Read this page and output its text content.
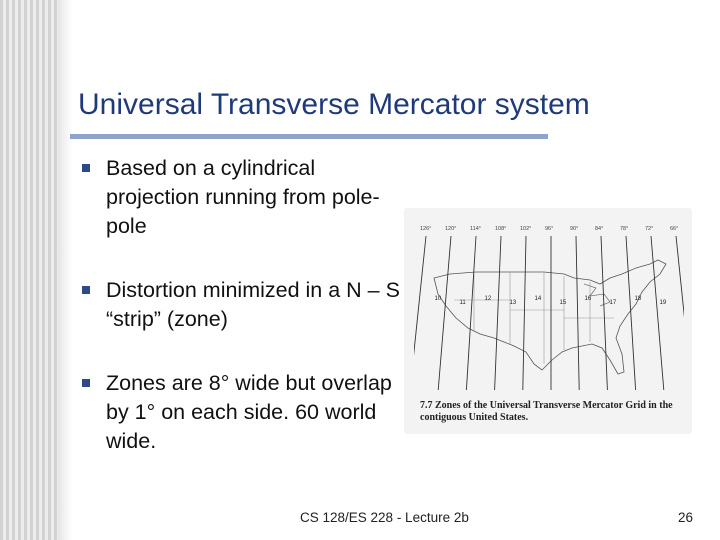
Universal Transverse Mercator system
Based on a cylindrical projection running from pole-pole
Distortion minimized in a N – S “strip” (zone)
Zones are 8° wide but overlap by 1° on each side. 60 world wide.
126° 120° 114°	108° 102° 96°	90°	84°	78°	72°	66°
10
11
12
13
14
15
16
17
18
19
7.7 Zones of the Universal Transverse Mercator Grid in the contiguous United States.
CS 128/ES 228 - Lecture 2b	26
